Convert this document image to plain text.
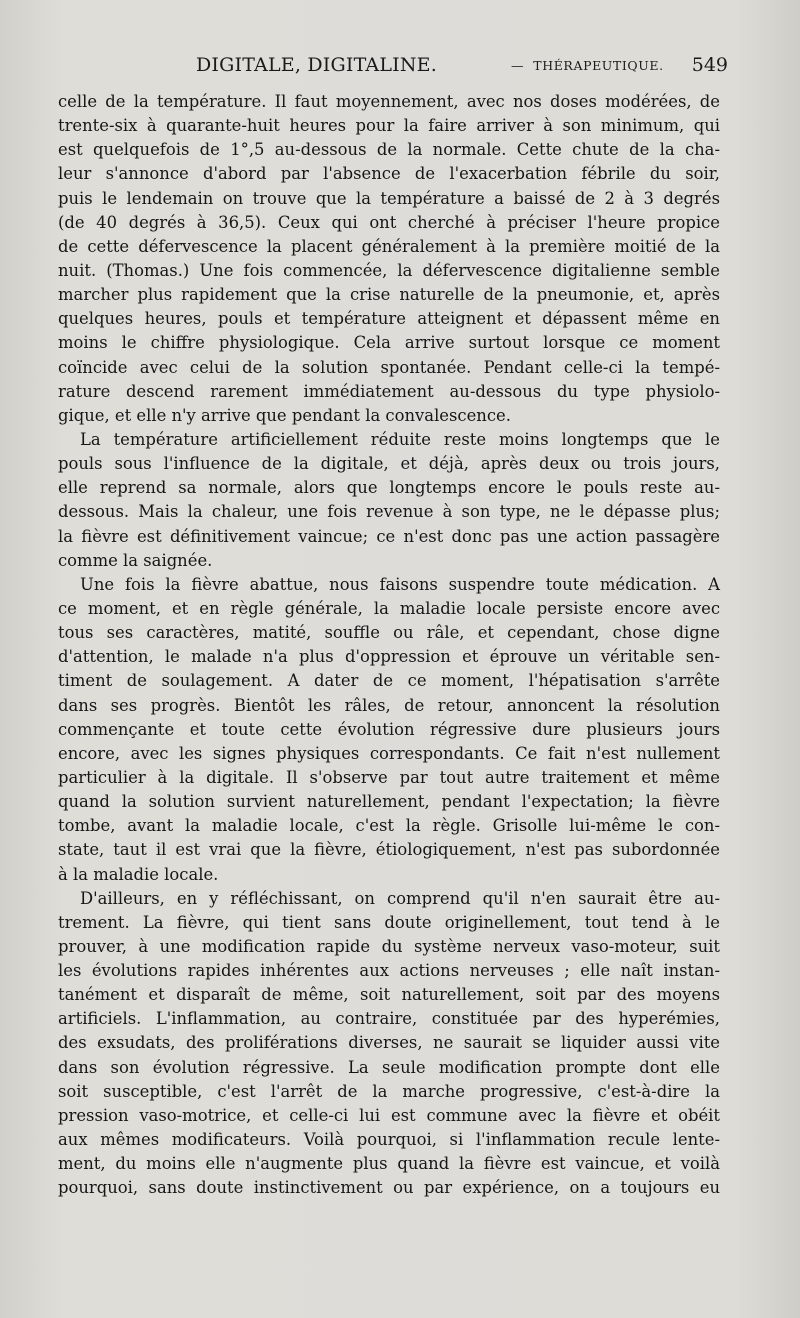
DIGITALE, DIGITALINE.	— THÉRAPEUTIQUE. 549
celle de la température. Il faut moyennement, avec nos doses modérées, de
trente-six à quarante-huit heures pour la faire arriver à son minimum, qui
est quelquefois de 1°,5 au-dessous de la normale. Cette chute de la cha-
leur s'annonce d'abord par l'absence de l'exacerbation fébrile du soir,
puis le lendemain on trouve que la température a baissé de 2 à 3 degrés
(de 40 degrés à 36,5). Ceux qui ont cherché à préciser l'heure propice
de cette défervescence la placent généralement à la première moitié de la
nuit. (Thomas.) Une fois commencée, la défervescence digitalienne semble
marcher plus rapidement que la crise naturelle de la pneumonie, et, après
quelques heures, pouls et température atteignent et dépassent même en
moins le chiffre physiologique. Cela arrive surtout lorsque ce moment
coïncide avec celui de la solution spontanée. Pendant celle-ci la tempé-
rature descend rarement immédiatement au-dessous du type physiolo-
gique, et elle n'y arrive que pendant la convalescence.
La température artificiellement réduite reste moins longtemps que le
pouls sous l'influence de la digitale, et déjà, après deux ou trois jours,
elle reprend sa normale, alors que longtemps encore le pouls reste au-
dessous. Mais la chaleur, une fois revenue à son type, ne le dépasse plus;
la fièvre est définitivement vaincue; ce n'est donc pas une action passagère
comme la saignée.
Une fois la fièvre abattue, nous faisons suspendre toute médication. A
ce moment, et en règle générale, la maladie locale persiste encore avec
tous ses caractères, matité, souffle ou râle, et cependant, chose digne
d'attention, le malade n'a plus d'oppression et éprouve un véritable sen-
timent de soulagement. A dater de ce moment, l'hépatisation s'arrête
dans ses progrès. Bientôt les râles, de retour, annoncent la résolution
commençante et toute cette évolution régressive dure plusieurs jours
encore, avec les signes physiques correspondants. Ce fait n'est nullement
particulier à la digitale. Il s'observe par tout autre traitement et même
quand la solution survient naturellement, pendant l'expectation; la fièvre
tombe, avant la maladie locale, c'est la règle. Grisolle lui-même le con-
state, taut il est vrai que la fièvre, étiologiquement, n'est pas subordonnée
à la maladie locale.
D'ailleurs, en y réfléchissant, on comprend qu'il n'en saurait être au-
trement. La fièvre, qui tient sans doute originellement, tout tend à le
prouver, à une modification rapide du système nerveux vaso-moteur, suit
les évolutions rapides inhérentes aux actions nerveuses ; elle naît instan-
tanément et disparaît de même, soit naturellement, soit par des moyens
artificiels. L'inflammation, au contraire, constituée par des hyperémies,
des exsudats, des proliférations diverses, ne saurait se liquider aussi vite
dans son évolution régressive. La seule modification prompte dont elle
soit susceptible, c'est l'arrêt de la marche progressive, c'est-à-dire la
pression vaso-motrice, et celle-ci lui est commune avec la fièvre et obéit
aux mêmes modificateurs. Voilà pourquoi, si l'inflammation recule lente-
ment, du moins elle n'augmente plus quand la fièvre est vaincue, et voilà
pourquoi, sans doute instinctivement ou par expérience, on a toujours eu
